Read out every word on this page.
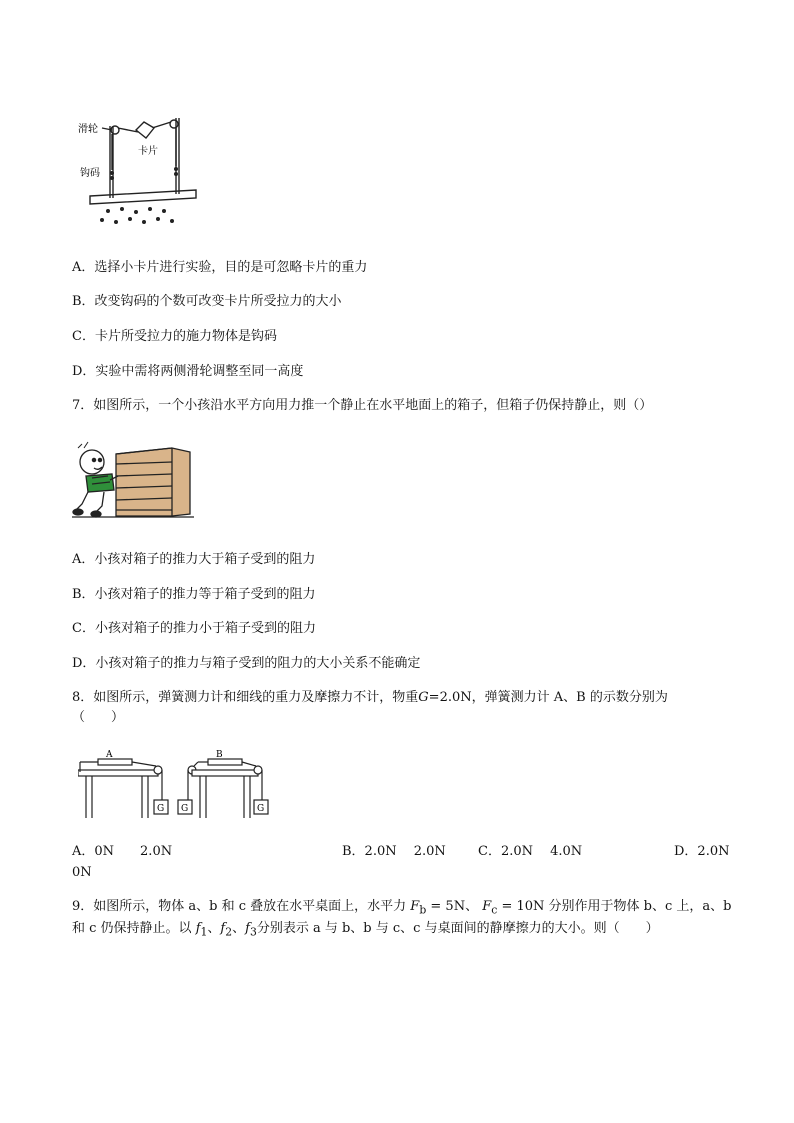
滑轮
卡片
钩码
A．选择小卡片进行实验，目的是可忽略卡片的重力
B．改变钩码的个数可改变卡片所受拉力的大小
C．卡片所受拉力的施力物体是钩码
D．实验中需将两侧滑轮调整至同一高度
7．如图所示，一个小孩沿水平方向用力推一个静止在水平地面上的箱子，但箱子仍保持静止，则（）
A．小孩对箱子的推力大于箱子受到的阻力
B．小孩对箱子的推力等于箱子受到的阻力
C．小孩对箱子的推力小于箱子受到的阻力
D．小孩对箱子的推力与箱子受到的阻力的大小关系不能确定
8．如图所示，弹簧测力计和细线的重力及摩擦力不计，物重G=2.0N，弹簧测力计 A、B 的示数分别为
（　　）
A	B
G G	G
A．0N　　2.0N	B．2.0N　 2.0N C．2.0N　 4.0N	D．2.0N
0N
9．如图所示，物体 a、b 和 c 叠放在水平桌面上，水平力 $F_b = 5N$、 $F_c = 10N$ 分别作用于物体 b、c 上，a、b
和 c 仍保持静止。以 $f_1$、$f_2$、$f_3$分别表示 a 与 b、b 与 c、c 与桌面间的静摩擦力的大小。则（　　）
